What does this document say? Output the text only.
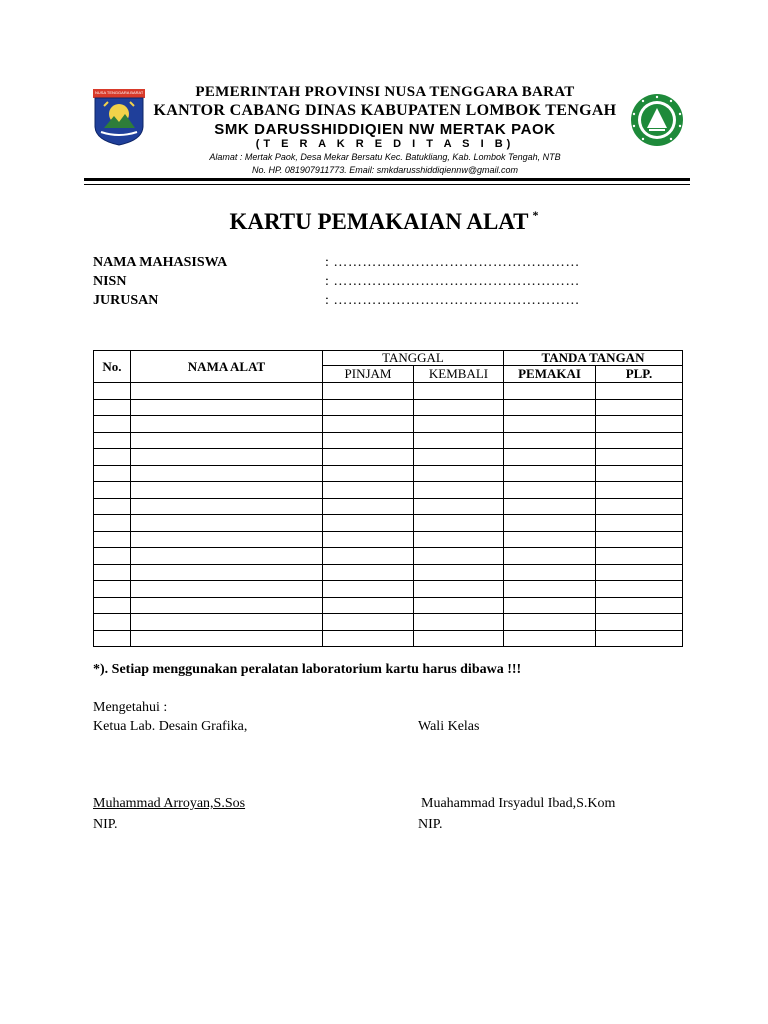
NUSA TENGGARA BARAT	PEMERINTAH PROVINSI NUSA TENGGARA BARAT
KANTOR CABANG DINAS KABUPATEN LOMBOK TENGAH
SMK DARUSSHIDDIQIEN NW MERTAK PAOK
(T E R A K R E D I T A S I B)
Alamat : Mertak Paok, Desa Mekar Bersatu Kec. Batukliang, Kab. Lombok Tengah, NTB
No. HP. 081907911773. Email: smkdarusshiddiqiennw@gmail.com
KARTU PEMAKAIAN ALAT *
NAMA MAHASISWA	: ……………………………………………
NISN	: ……………………………………………
JURUSAN	: ……………………………………………
No.	NAMA ALAT	TANGGAL		TANDA TANGAN	
		PINJAM	KEMBALI	PEMAKAI	PLP.

*). Setiap menggunakan peralatan laboratorium kartu harus dibawa !!!
Mengetahui :
Ketua Lab. Desain Grafika,	Wali Kelas
Muhammad Arroyan,S.Sos	Muahammad Irsyadul Ibad,S.Kom
NIP.	NIP.
